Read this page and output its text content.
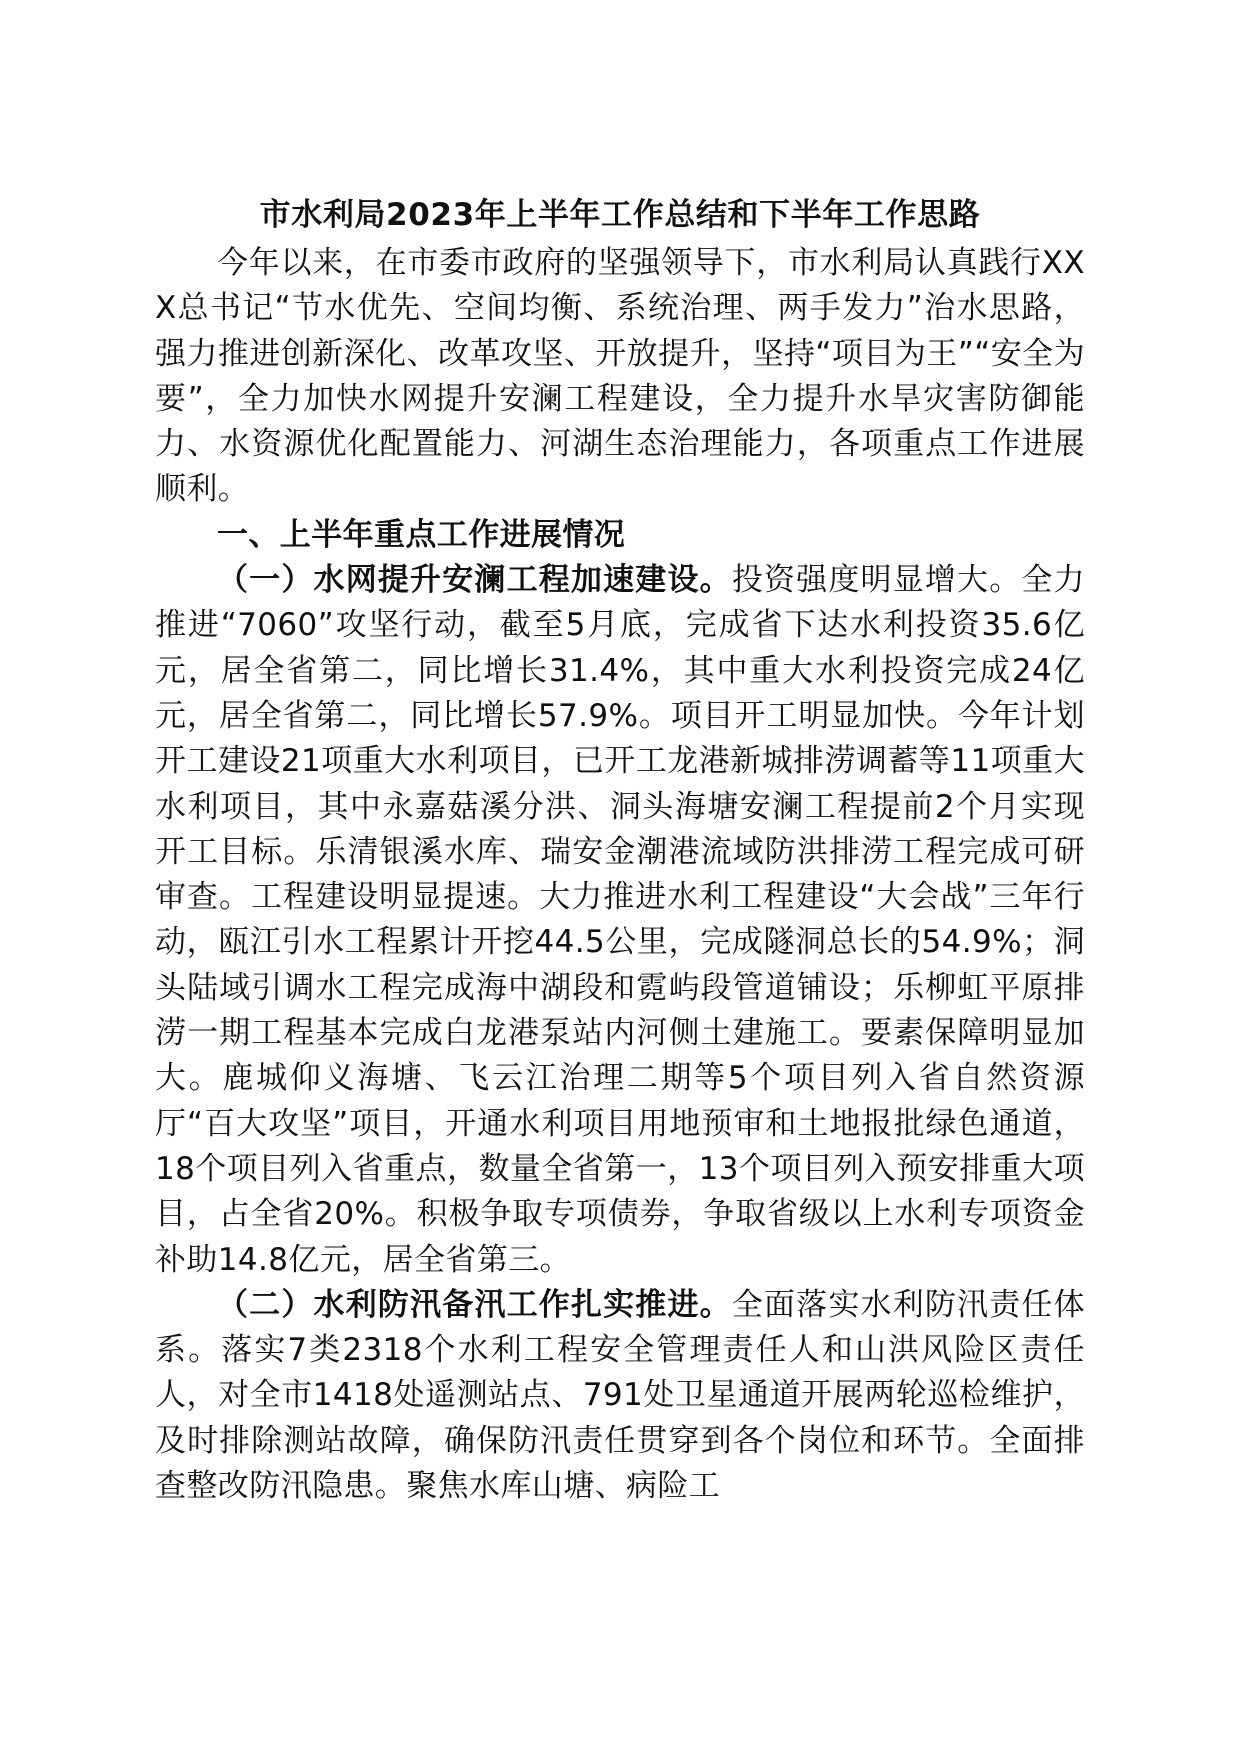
市水利局2023年上半年工作总结和下半年工作思路

今年以来，在市委市政府的坚强领导下，市水利局认真践行XXX总书记“节水优先、空间均衡、系统治理、两手发力”治水思路，强力推进创新深化、改革攻坚、开放提升，坚持“项目为王”“安全为要”，全力加快水网提升安澜工程建设，全力提升水旱灾害防御能力、水资源优化配置能力、河湖生态治理能力，各项重点工作进展顺利。

一、上半年重点工作进展情况

（一）水网提升安澜工程加速建设。投资强度明显增大。全力推进“7060”攻坚行动，截至5月底，完成省下达水利投资35.6亿元，居全省第二，同比增长31.4%，其中重大水利投资完成24亿元，居全省第二，同比增长57.9%。项目开工明显加快。今年计划开工建设21项重大水利项目，已开工龙港新城排涝调蓄等11项重大水利项目，其中永嘉菇溪分洪、洞头海塘安澜工程提前2个月实现开工目标。乐清银溪水库、瑞安金潮港流域防洪排涝工程完成可研审查。工程建设明显提速。大力推进水利工程建设“大会战”三年行动，瓯江引水工程累计开挖44.5公里，完成隧洞总长的54.9%；洞头陆域引调水工程完成海中湖段和霓屿段管道铺设；乐柳虹平原排涝一期工程基本完成白龙港泵站内河侧土建施工。要素保障明显加大。鹿城仰义海塘、飞云江治理二期等5个项目列入省自然资源厅“百大攻坚”项目，开通水利项目用地预审和土地报批绿色通道，18个项目列入省重点，数量全省第一，13个项目列入预安排重大项目，占全省20%。积极争取专项债券，争取省级以上水利专项资金补助14.8亿元，居全省第三。

（二）水利防汛备汛工作扎实推进。全面落实水利防汛责任体系。落实7类2318个水利工程安全管理责任人和山洪风险区责任人，对全市1418处遥测站点、791处卫星通道开展两轮巡检维护，及时排除测站故障，确保防汛责任贯穿到各个岗位和环节。全面排查整改防汛隐患。聚焦水库山塘、病险工
